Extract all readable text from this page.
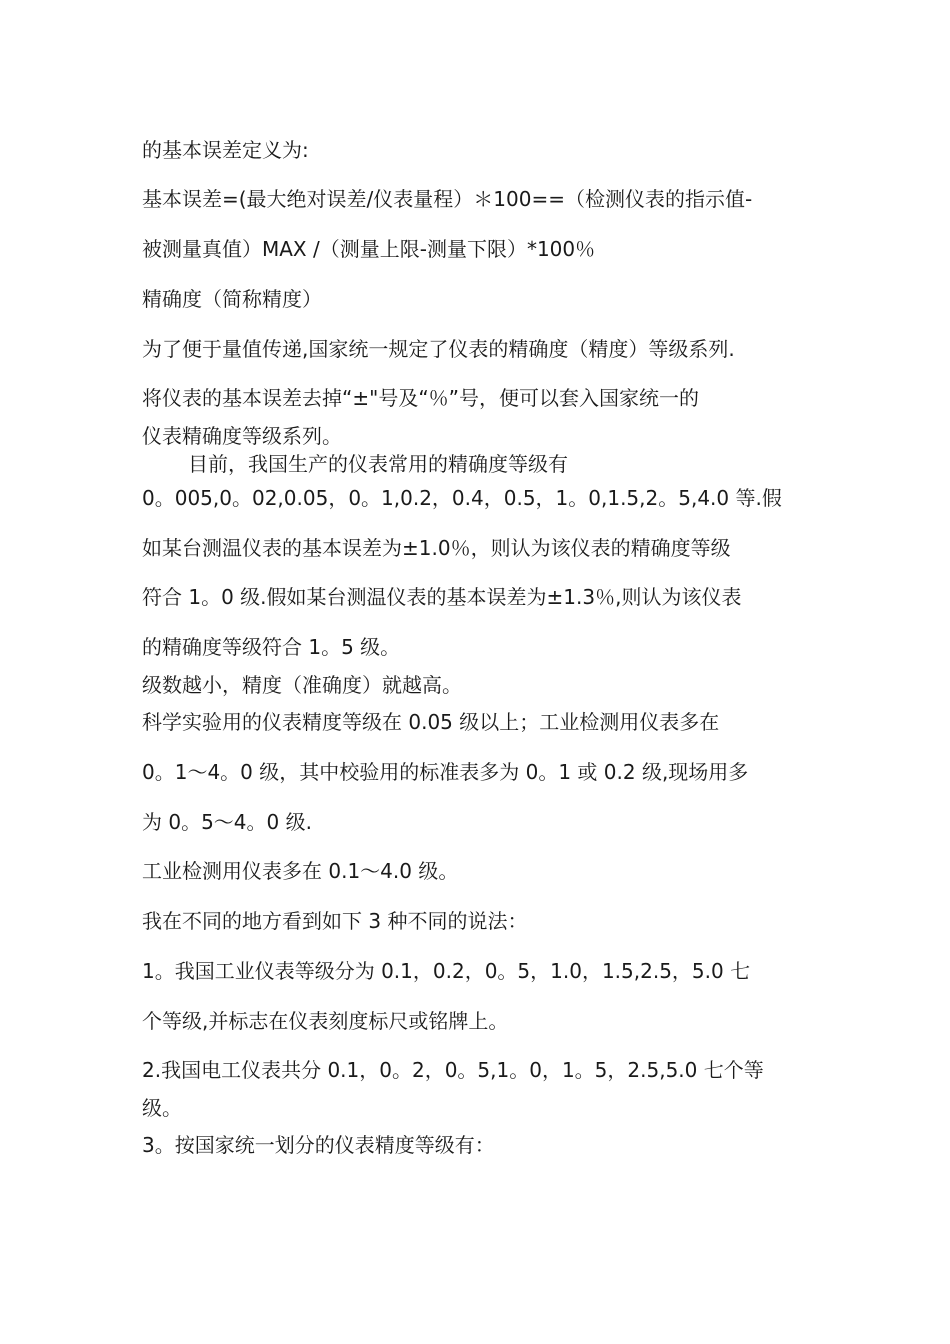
的基本误差定义为:

基本误差=(最大绝对误差/仪表量程）＊100==（检测仪表的指示值-

被测量真值）MAX /（测量上限-测量下限）*100％

精确度（简称精度）

为了便于量值传递,国家统一规定了仪表的精确度（精度）等级系列.

将仪表的基本误差去掉“±"号及“％”号，便可以套入国家统一的

仪表精确度等级系列。

目前，我国生产的仪表常用的精确度等级有

0。005,0。02,0.05，0。1,0.2，0.4，0.5，1。0,1.5,2。5,4.0 等.假

如某台测温仪表的基本误差为±1.0％，则认为该仪表的精确度等级

符合 1。0 级.假如某台测温仪表的基本误差为±1.3％,则认为该仪表

的精确度等级符合 1。5 级。

级数越小，精度（准确度）就越高。

科学实验用的仪表精度等级在 0.05 级以上；工业检测用仪表多在

0。1～4。0 级，其中校验用的标准表多为 0。1 或 0.2 级,现场用多

为 0。5～4。0 级.

工业检测用仪表多在 0.1～4.0 级。

我在不同的地方看到如下 3 种不同的说法：

1。我国工业仪表等级分为 0.1，0.2，0。5，1.0，1.5,2.5，5.0 七

个等级,并标志在仪表刻度标尺或铭牌上。

2.我国电工仪表共分 0.1，0。2，0。5,1。0，1。5，2.5,5.0 七个等

级。

3。按国家统一划分的仪表精度等级有：
